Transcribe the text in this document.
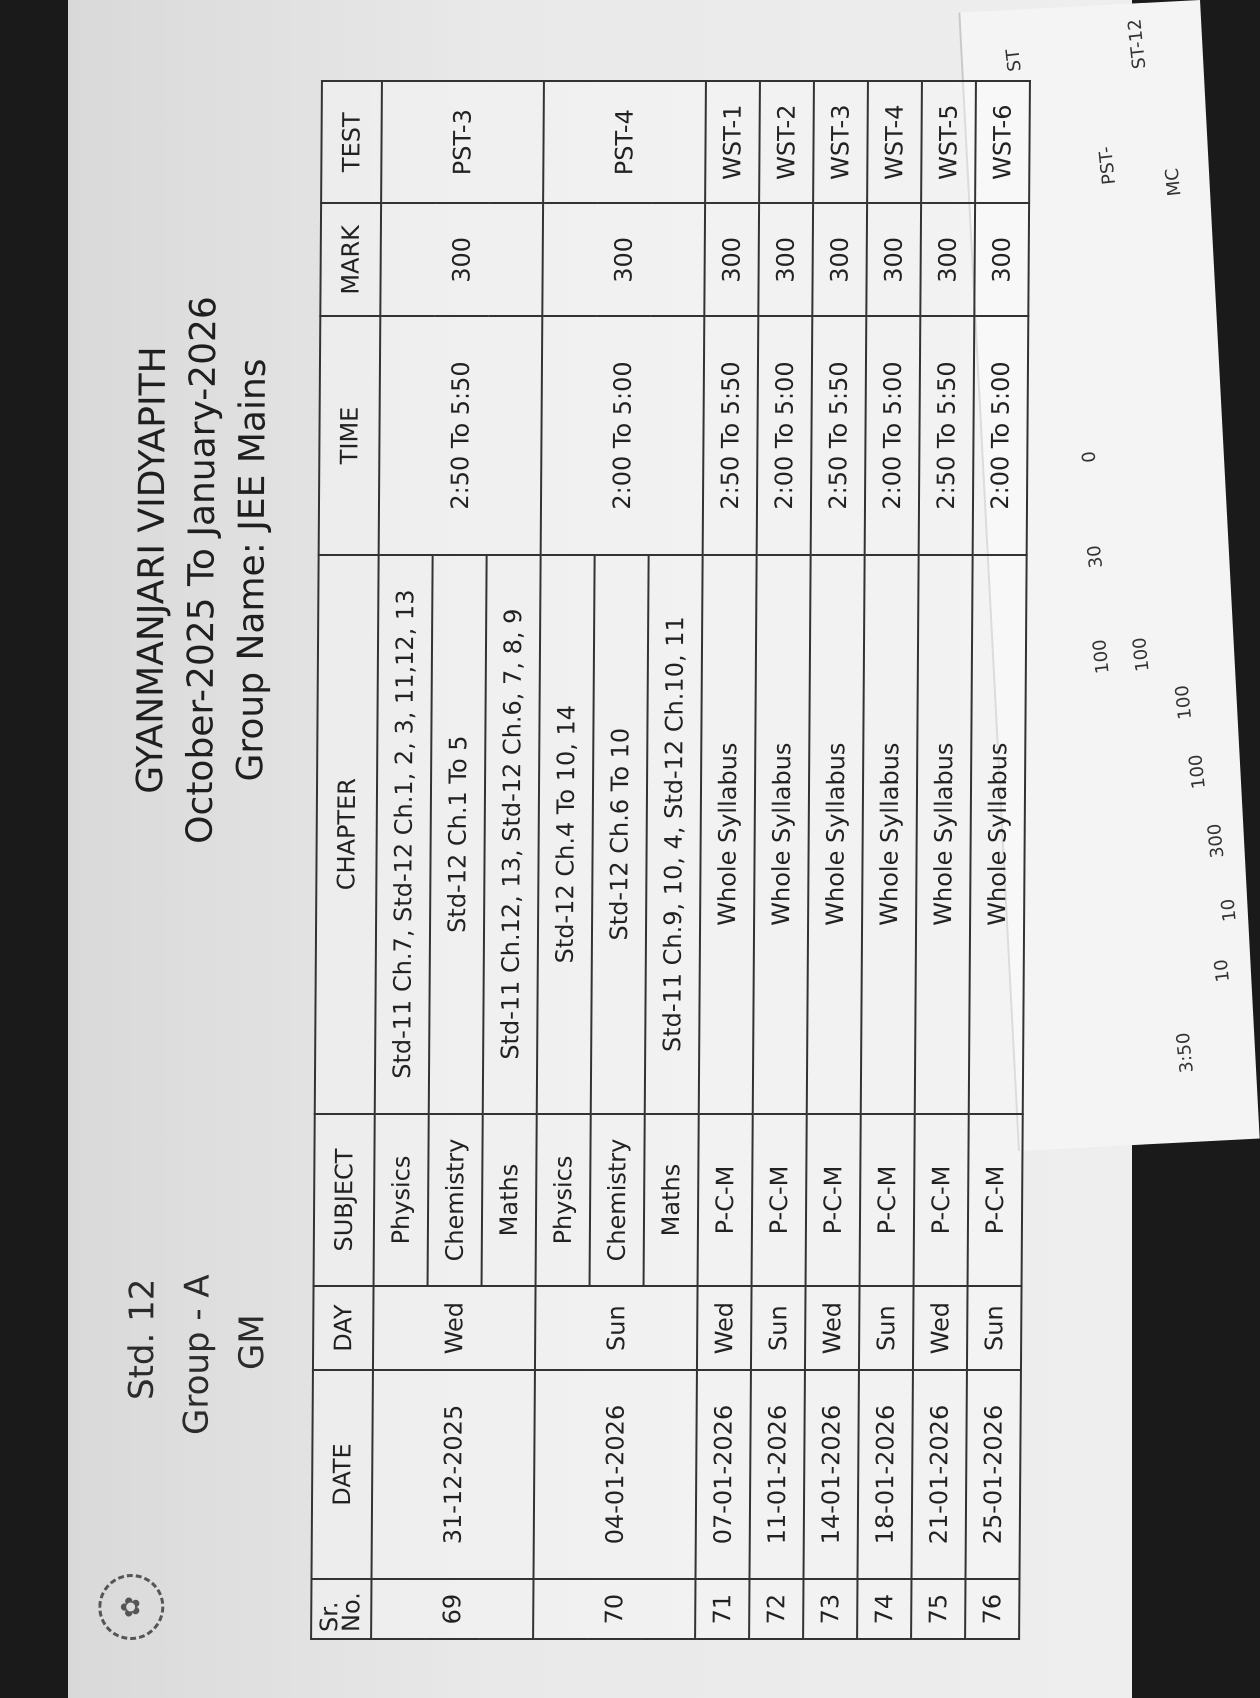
ST	ST-12
PST- MC
0
30
100 100
100
100
300
10
10
3:50
✿
Std. 12 Group - A GM
GYANMANJARI VIDYAPITH October-2025 To January-2026 Group Name: JEE Mains
Sr. No.	DATE	DAY	SUBJECT	CHAPTER	TIME	MARK	TEST
69	31-12-2025	Wed	Physics	Std-11 Ch.7, Std-12 Ch.1, 2, 3, 11,12, 13	2:50 To 5:50	300	PST-3
			Chemistry	Std-12 Ch.1 To 5			
			Maths	Std-11 Ch.12, 13, Std-12 Ch.6, 7, 8, 9			
70	04-01-2026	Sun	Physics	Std-12 Ch.4 To 10, 14	2:00 To 5:00	300	PST-4
			Chemistry	Std-12 Ch.6 To 10			
			Maths	Std-11 Ch.9, 10, 4, Std-12 Ch.10, 11			
71	07-01-2026	Wed	P-C-M	Whole Syllabus	2:50 To 5:50	300	WST-1
72	11-01-2026	Sun	P-C-M	Whole Syllabus	2:00 To 5:00	300	WST-2
73	14-01-2026	Wed	P-C-M	Whole Syllabus	2:50 To 5:50	300	WST-3
74	18-01-2026	Sun	P-C-M	Whole Syllabus	2:00 To 5:00	300	WST-4
75	21-01-2026	Wed	P-C-M	Whole Syllabus	2:50 To 5:50	300	WST-5
76	25-01-2026	Sun	P-C-M	Whole Syllabus	2:00 To 5:00	300	WST-6
